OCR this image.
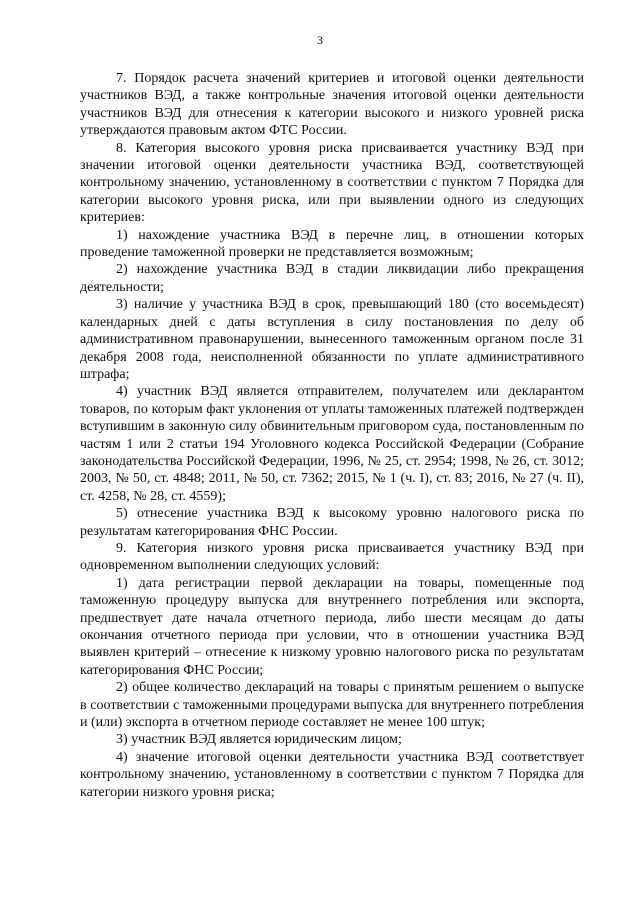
3

7. Порядок расчета значений критериев и итоговой оценки деятельности участников ВЭД, а также контрольные значения итоговой оценки деятельности участников ВЭД для отнесения к категории высокого и низкого уровней риска утверждаются правовым актом ФТС России.

8. Категория высокого уровня риска присваивается участнику ВЭД при значении итоговой оценки деятельности участника ВЭД, соответствующей контрольному значению, установленному в соответствии с пунктом 7 Порядка для категории высокого уровня риска, или при выявлении одного из следующих критериев:

1) нахождение участника ВЭД в перечне лиц, в отношении которых проведение таможенной проверки не представляется возможным;

2) нахождение участника ВЭД в стадии ликвидации либо прекращения деятельности;

3) наличие у участника ВЭД в срок, превышающий 180 (сто восемьдесят) календарных дней с даты вступления в силу постановления по делу об административном правонарушении, вынесенного таможенным органом после 31 декабря 2008 года, неисполненной обязанности по уплате административного штрафа;

4) участник ВЭД является отправителем, получателем или декларантом товаров, по которым факт уклонения от уплаты таможенных платежей подтвержден вступившим в законную силу обвинительным приговором суда, постановленным по частям 1 или 2 статьи 194 Уголовного кодекса Российской Федерации (Собрание законодательства Российской Федерации, 1996, № 25, ст. 2954; 1998, № 26, ст. 3012; 2003, № 50, ст. 4848; 2011, № 50, ст. 7362; 2015, № 1 (ч. I), ст. 83; 2016, № 27 (ч. II), ст. 4258, № 28, ст. 4559);

5) отнесение участника ВЭД к высокому уровню налогового риска по результатам категорирования ФНС России.

9. Категория низкого уровня риска присваивается участнику ВЭД при одновременном выполнении следующих условий:

1) дата регистрации первой декларации на товары, помещенные под таможенную процедуру выпуска для внутреннего потребления или экспорта, предшествует дате начала отчетного периода, либо шести месяцам до даты окончания отчетного периода при условии, что в отношении участника ВЭД выявлен критерий – отнесение к низкому уровню налогового риска по результатам категорирования ФНС России;

2) общее количество деклараций на товары с принятым решением о выпуске в соответствии с таможенными процедурами выпуска для внутреннего потребления и (или) экспорта в отчетном периоде составляет не менее 100 штук;

3) участник ВЭД является юридическим лицом;

4) значение итоговой оценки деятельности участника ВЭД соответствует контрольному значению, установленному в соответствии с пунктом 7 Порядка для категории низкого уровня риска;
